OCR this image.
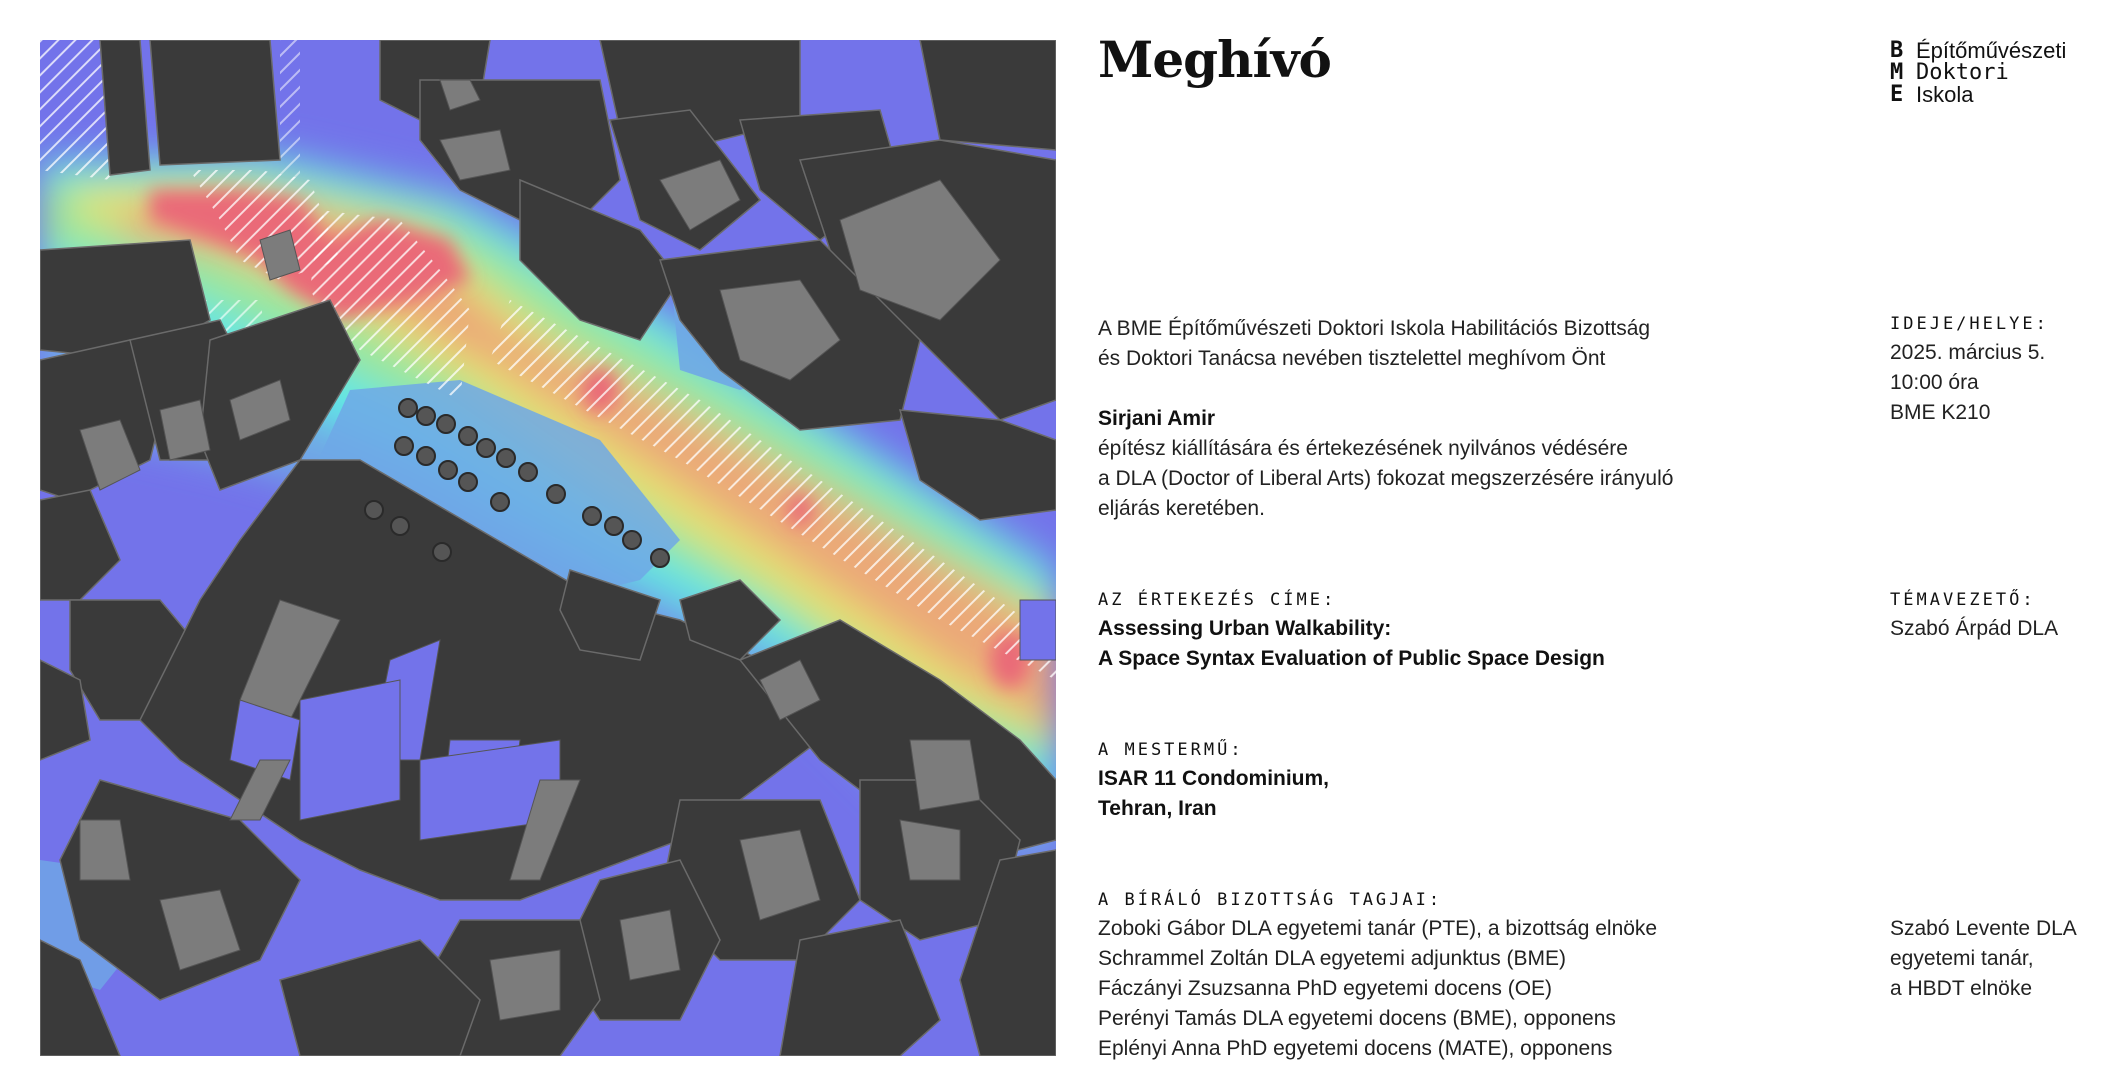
Meghívó	B Építőművészeti
M Doktori
E Iskola

A BME Építőművészeti Doktori Iskola Habilitációs Bizottság

és Doktori Tanácsa nevében tisztelettel meghívom Önt

Sirjani Amir

építész kiállítására és értekezésének nyilvános védésére

a DLA (Doctor of Liberal Arts) fokozat megszerzésére irányuló

eljárás keretében.

AZ ÉRTEKEZÉS CÍME:

Assessing Urban Walkability:

A Space Syntax Evaluation of Public Space Design

A MESTERMŰ:

ISAR 11 Condominium,

Tehran, Iran

A BÍRÁLÓ BIZOTTSÁG TAGJAI:

Zoboki Gábor DLA egyetemi tanár (PTE), a bizottság elnöke

Schrammel Zoltán DLA egyetemi adjunktus (BME)

Fáczányi Zsuzsanna PhD egyetemi docens (OE)

Perényi Tamás DLA egyetemi docens (BME), opponens

Eplényi Anna PhD egyetemi docens (MATE), opponens

IDEJE/HELYE:

2025. március 5.

10:00 óra

BME K210

TÉMAVEZETŐ:

Szabó Árpád DLA

Szabó Levente DLA

egyetemi tanár,

a HBDT elnöke
